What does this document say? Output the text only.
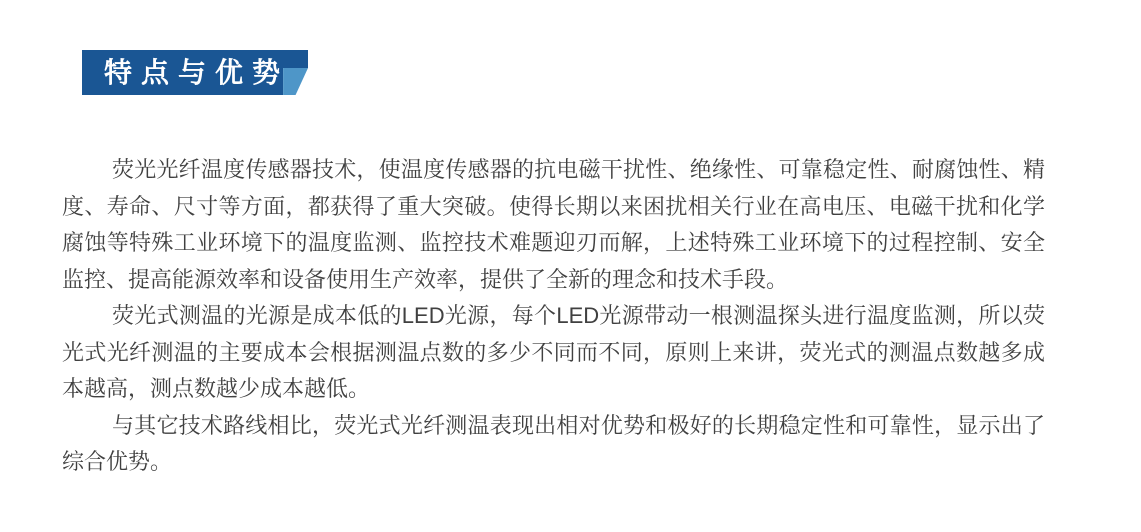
特点与优势

荧光光纤温度传感器技术，使温度传感器的抗电磁干扰性、绝缘性、可靠稳定性、耐腐蚀性、精度、寿命、尺寸等方面，都获得了重大突破。使得长期以来困扰相关行业在高电压、电磁干扰和化学腐蚀等特殊工业环境下的温度监测、监控技术难题迎刃而解，上述特殊工业环境下的过程控制、安全监控、提高能源效率和设备使用生产效率，提供了全新的理念和技术手段。

荧光式测温的光源是成本低的LED光源，每个LED光源带动一根测温探头进行温度监测，所以荧光式光纤测温的主要成本会根据测温点数的多少不同而不同，原则上来讲，荧光式的测温点数越多成本越高，测点数越少成本越低。

与其它技术路线相比，荧光式光纤测温表现出相对优势和极好的长期稳定性和可靠性，显示出了综合优势。
